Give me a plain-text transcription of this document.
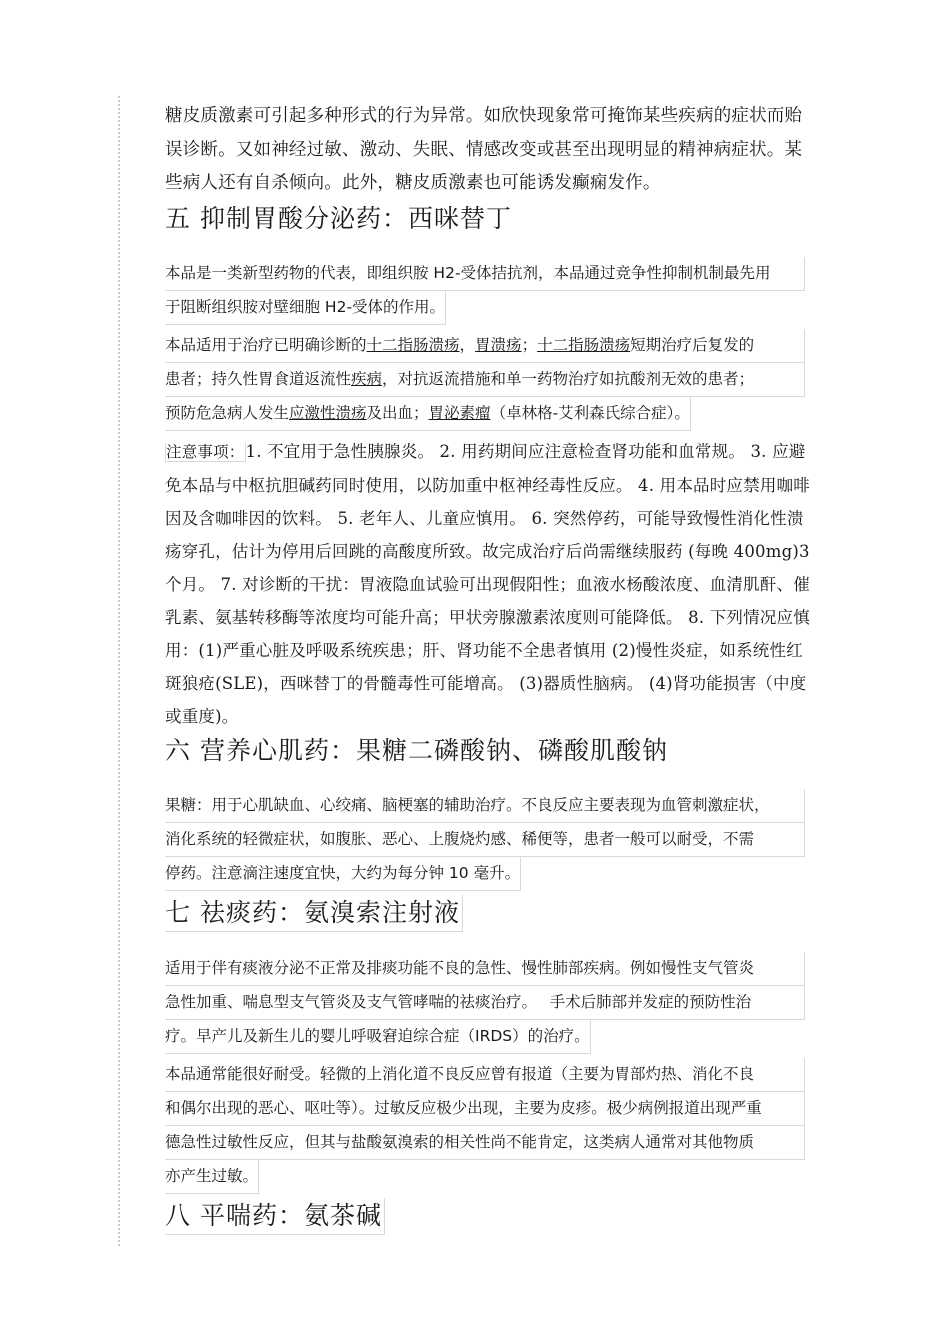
糖皮质激素可引起多种形式的行为异常。如欣快现象常可掩饰某些疾病的症状而贻误诊断。又如神经过敏、激动、失眠、情感改变或甚至出现明显的精神病症状。某些病人还有自杀倾向。此外，糖皮质激素也可能诱发癫痫发作。

五 抑制胃酸分泌药：西咪替丁
本品是一类新型药物的代表，即组织胺 H2-受体拮抗剂，本品通过竞争性抑制机制最先用
于阻断组织胺对壁细胞 H2-受体的作用。
本品适用于治疗已明确诊断的十二指肠溃疡，胃溃疡；十二指肠溃疡短期治疗后复发的
患者；持久性胃食道返流性疾病，对抗返流措施和单一药物治疗如抗酸剂无效的患者；
预防危急病人发生应激性溃疡及出血；胃泌素瘤（卓林格-艾利森氏综合症）。

注意事项：1. 不宜用于急性胰腺炎。 2. 用药期间应注意检查肾功能和血常规。 3. 应避免本品与中枢抗胆碱药同时使用，以防加重中枢神经毒性反应。 4. 用本品时应禁用咖啡因及含咖啡因的饮料。 5. 老年人、儿童应慎用。 6. 突然停药，可能导致慢性消化性溃疡穿孔，估计为停用后回跳的高酸度所致。故完成治疗后尚需继续服药 (每晚 400mg)3 个月。 7. 对诊断的干扰：胃液隐血试验可出现假阳性；血液水杨酸浓度、血清肌酐、催乳素、氨基转移酶等浓度均可能升高；甲状旁腺激素浓度则可能降低。 8. 下列情况应慎用：(1)严重心脏及呼吸系统疾患；肝、肾功能不全患者慎用 (2)慢性炎症，如系统性红斑狼疮(SLE)，西咪替丁的骨髓毒性可能增高。 (3)器质性脑病。 (4)肾功能损害（中度或重度)。

六 营养心肌药：果糖二磷酸钠、磷酸肌酸钠
果糖：用于心肌缺血、心绞痛、脑梗塞的辅助治疗。不良反应主要表现为血管刺激症状，
消化系统的轻微症状，如腹胀、恶心、上腹烧灼感、稀便等，患者一般可以耐受，不需
停药。注意滴注速度宜快，大约为每分钟 10 毫升。
七 祛痰药：氨溴索注射液
适用于伴有痰液分泌不正常及排痰功能不良的急性、慢性肺部疾病。例如慢性支气管炎
急性加重、喘息型支气管炎及支气管哮喘的祛痰治疗。　 手术后肺部并发症的预防性治
疗。早产儿及新生儿的婴儿呼吸窘迫综合症（IRDS）的治疗。
本品通常能很好耐受。轻微的上消化道不良反应曾有报道（主要为胃部灼热、消化不良
和偶尔出现的恶心、呕吐等）。过敏反应极少出现，主要为皮疹。极少病例报道出现严重
德急性过敏性反应，但其与盐酸氨溴索的相关性尚不能肯定，这类病人通常对其他物质
亦产生过敏。
八 平喘药：氨茶碱
